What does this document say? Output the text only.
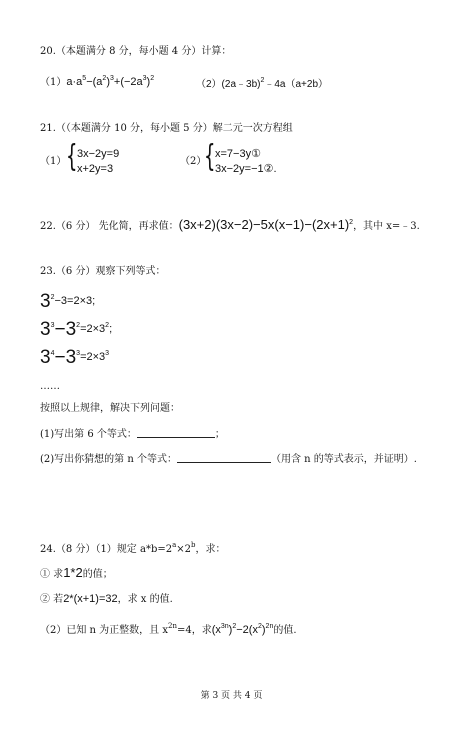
20.（本题满分 8 分，每小题 4 分）计算：
$(1)a\cdot a^5-(a^2)^3+(-2a^3)^2$
（2）(2a﹣3b)$^2$﹣4a（a+2b）
21.（（本题满分 10 分，每小题 5 分）解二元一次方程组
（1） { 3x−2y=9
x+2y=3
（2）
{ x=7−3y①
3x−2y=−1②.
22.（6 分） 先化简，再求值：$(3x+2)(3x-2)-5x(x-1)-(2x+1)^2$，其中 x=﹣3.
23.（6 分）观察下列等式：
$3^2-3=2\times 3$;
$3^3-3^2=2\times 3^2$;
$3^4-3^3=2\times 3^3$
……
按照以上规律，解决下列问题：
(1)写出第 6 个等式：	；
(2)写出你猜想的第 n 个等式：	（用含 n 的等式表示，并证明）.
24.（8 分）（1）规定 $a*b=2^a\times 2^b$，求：
① 求1*2的值；
② 若2*(x+1)=32，求 x 的值.
（2）已知 n 为正整数，且 $x^{2n}=4$，求$(x^{3n})^2-2(x^2)^{2n}$的值.
第 3 页 共 4 页
